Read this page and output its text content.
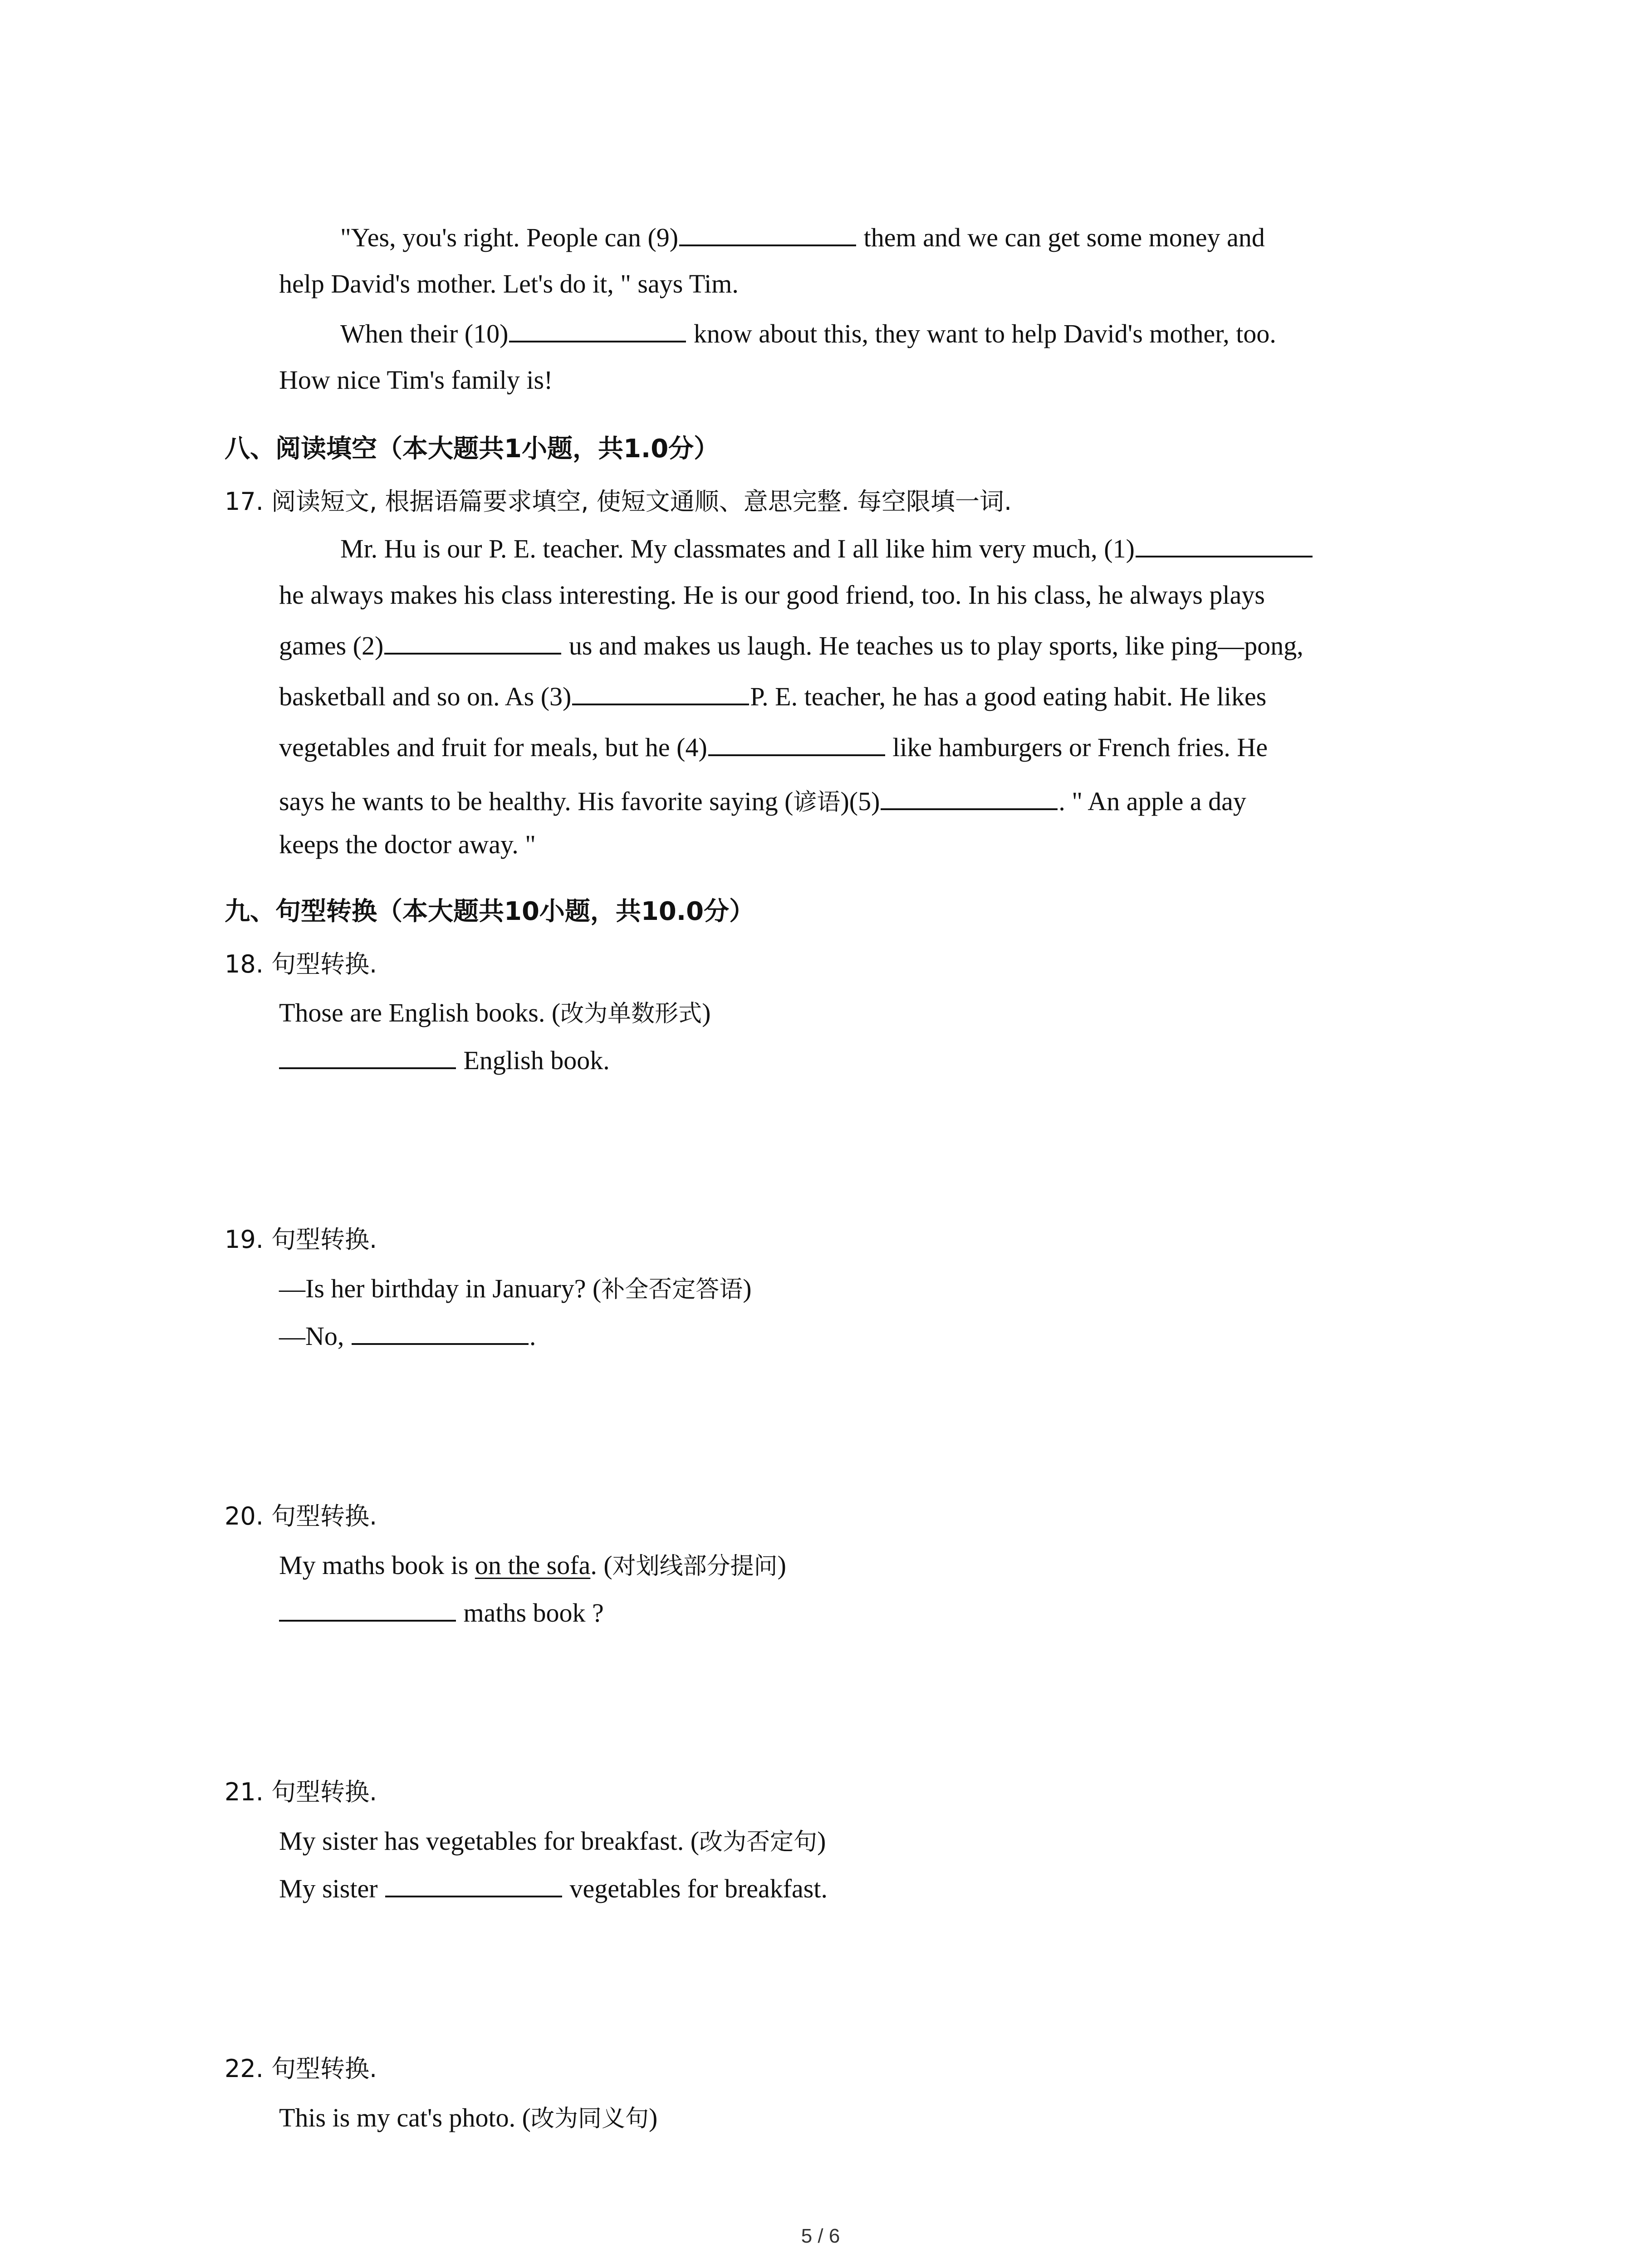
"Yes, you's right. People can (9)	them and we can get some money and
help David's mother. Let's do it, " says Tim.
When their (10)	know about this, they want to help David's mother, too.
How nice Tim's family is!
八、阅读填空（本大题共1小题，共1.0分）
17. 阅读短文, 根据语篇要求填空, 使短文通顺、意思完整. 每空限填一词.
Mr. Hu is our P. E. teacher. My classmates and I all like him very much, (1)
he always makes his class interesting. He is our good friend, too. In his class, he always plays
games (2)	us and makes us laugh. He teaches us to play sports, like ping—pong,
basketball and so on. As (3)	P. E. teacher, he has a good eating habit. He likes
vegetables and fruit for meals, but he (4)	like hamburgers or French fries. He
says he wants to be healthy. His favorite saying (谚语)(5)	. " An apple a day
keeps the doctor away. "
九、句型转换（本大题共10小题，共10.0分）
18. 句型转换.
Those are English books. (改为单数形式)
English book.
19. 句型转换.
—Is her birthday in January? (补全否定答语)
—No,	.
20. 句型转换.
My maths book is on the sofa. (对划线部分提问)
maths book ?
21. 句型转换.
My sister has vegetables for breakfast. (改为否定句)
My sister	vegetables for breakfast.
22. 句型转换.
This is my cat's photo. (改为同义句)
5 / 6
